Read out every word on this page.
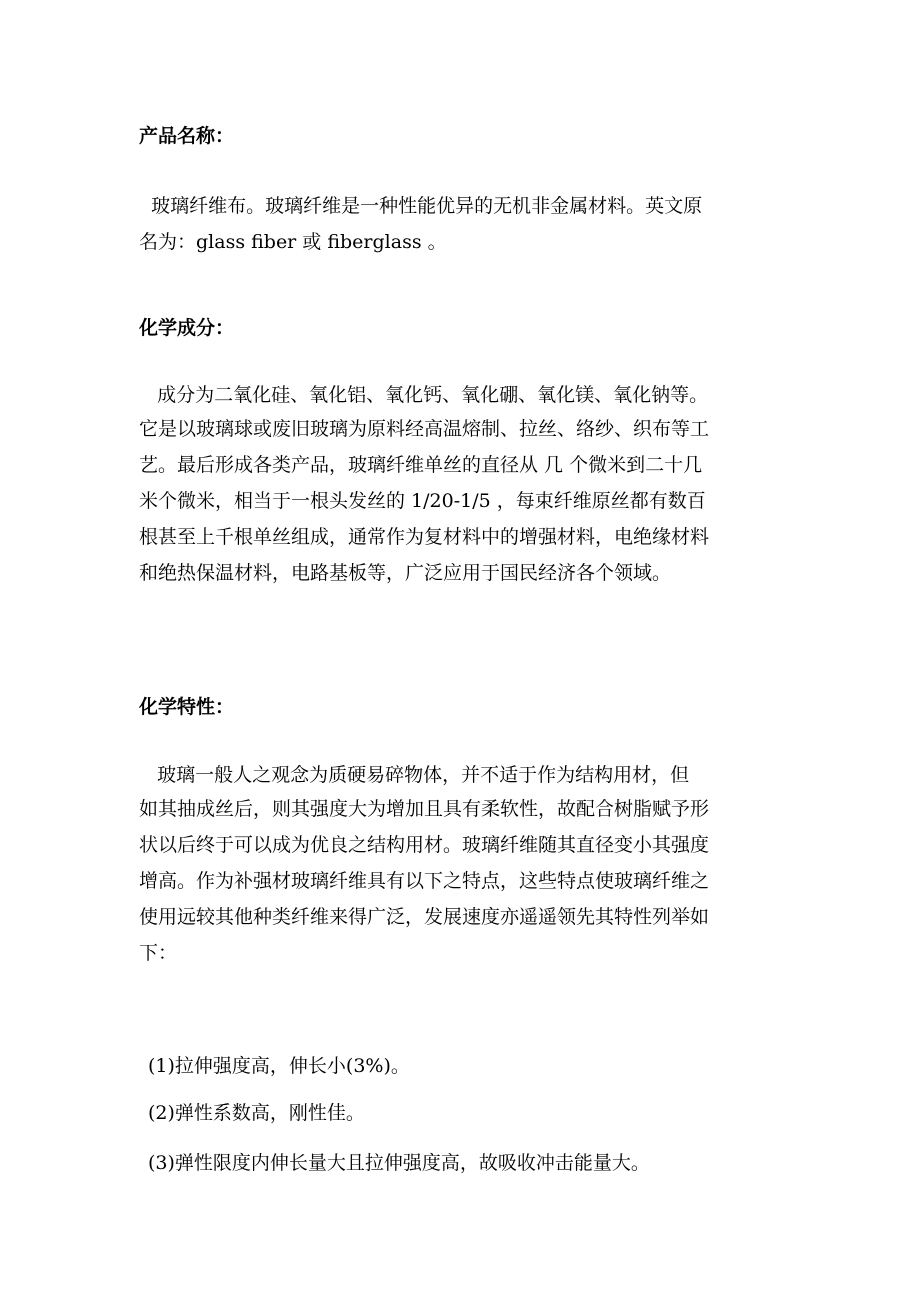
产品名称：
玻璃纤维布。玻璃纤维是一种性能优异的无机非金属材料。英文原
名为：glass fiber 或 fiberglass 。
化学成分：
成分为二氧化硅、氧化铝、氧化钙、氧化硼、氧化镁、氧化钠等。
它是以玻璃球或废旧玻璃为原料经高温熔制、拉丝、络纱、织布等工
艺。最后形成各类产品，玻璃纤维单丝的直径从 几 个微米到二十几
米个微米，相当于一根头发丝的 1/20-1/5 ，每束纤维原丝都有数百
根甚至上千根单丝组成，通常作为复材料中的增强材料，电绝缘材料
和绝热保温材料，电路基板等，广泛应用于国民经济各个领域。
化学特性：
玻璃一般人之观念为质硬易碎物体，并不适于作为结构用材，但
如其抽成丝后，则其强度大为增加且具有柔软性，故配合树脂赋予形
状以后终于可以成为优良之结构用材。玻璃纤维随其直径变小其强度
增高。作为补强材玻璃纤维具有以下之特点，这些特点使玻璃纤维之
使用远较其他种类纤维来得广泛，发展速度亦遥遥领先其特性列举如
下：

(1)拉伸强度高，伸长小(3%)。

(2)弹性系数高，刚性佳。

(3)弹性限度内伸长量大且拉伸强度高，故吸收冲击能量大。
